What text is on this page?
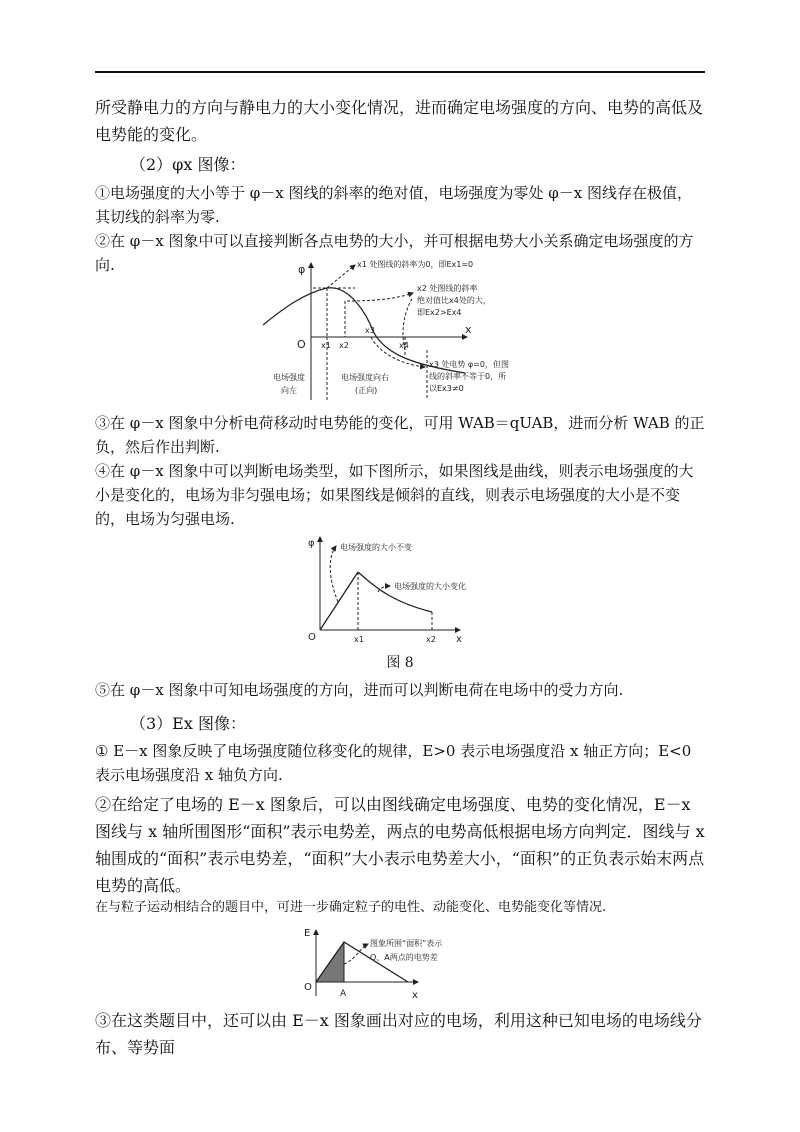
所受静电力的方向与静电力的大小变化情况，进而确定电场强度的方向、电势的高低及电势能的变化。

（2）φx 图像：

①电场强度的大小等于 φ－x 图线的斜率的绝对值，电场强度为零处 φ－x 图线存在极值，其切线的斜率为零.

②在 φ－x 图象中可以直接判断各点电势的大小，并可根据电势大小关系确定电场强度的方向.	φ
x
O x1 x2
x3
x4
x1 处图线的斜率为0，即Ex1=0
x2 处图线的斜率
绝对值比x4处的大，
即Ex2>Ex4
x3 处电势 φ=0，但图
线的斜率不等于0，所
以Ex3≠0
电场强度
向左
电场强度向右
(正向)

③在 φ－x 图象中分析电荷移动时电势能的变化，可用 WAB＝qUAB，进而分析 WAB 的正负，然后作出判断.

④在 φ－x 图象中可以判断电场类型，如下图所示，如果图线是曲线，则表示电场强度的大小是变化的，电场为非匀强电场；如果图线是倾斜的直线，则表示电场强度的大小是不变的，电场为匀强电场.

φ
x
O	x1	x2
电场强度的大小不变
电场强度的大小变化
图 8

⑤在 φ－x 图象中可知电场强度的方向，进而可以判断电荷在电场中的受力方向.

（3）Ex 图像：

① E－x 图象反映了电场强度随位移变化的规律，E>0 表示电场强度沿 x 轴正方向；E<0 表示电场强度沿 x 轴负方向.

②在给定了电场的 E－x 图象后，可以由图线确定电场强度、电势的变化情况，E－x 图线与 x 轴所围图形“面积”表示电势差，两点的电势高低根据电场方向判定．图线与 x 轴围成的“面积”表示电势差，“面积”大小表示电势差大小，“面积”的正负表示始末两点电势的高低。

在与粒子运动相结合的题目中，可进一步确定粒子的电性、动能变化、电势能变化等情况.

E
x
O
A
图象所围“面积”表示
O、A两点的电势差

③在这类题目中，还可以由 E－x 图象画出对应的电场，利用这种已知电场的电场线分布、等势面
